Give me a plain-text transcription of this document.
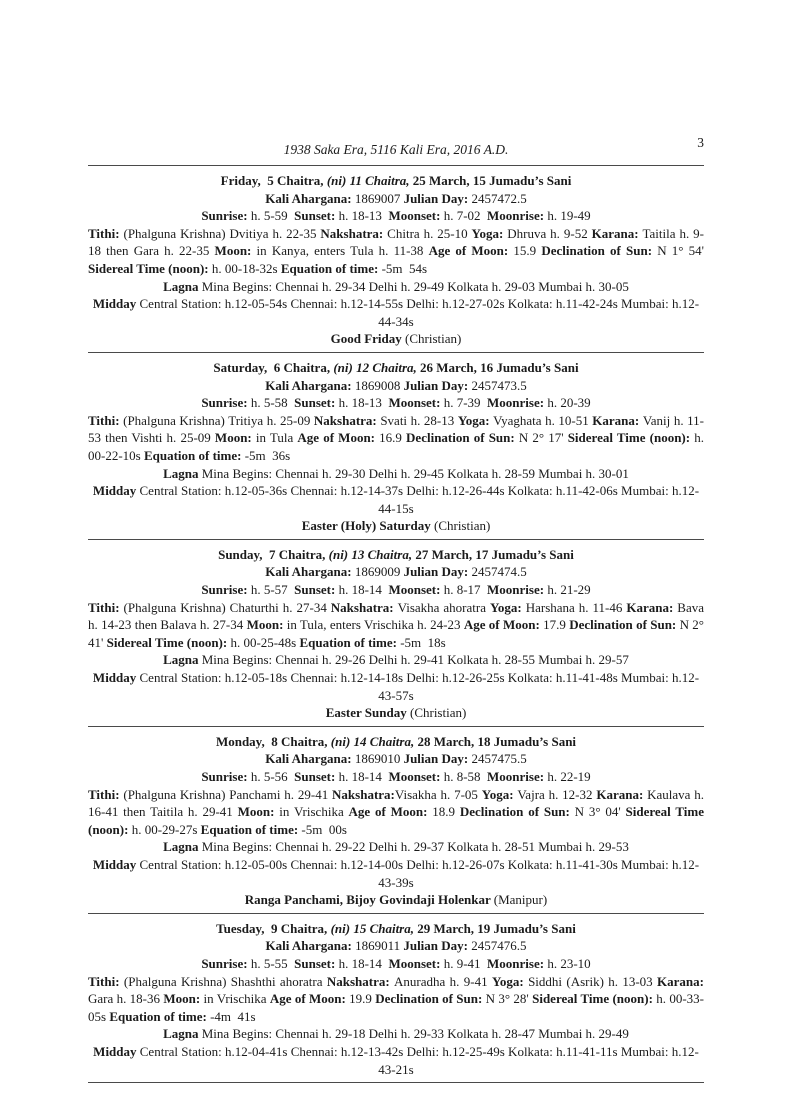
1938 Saka Era, 5116 Kali Era, 2016 A.D.	3
Friday,  5 Chaitra, (ni) 11 Chaitra, 25 March, 15 Jumadu’s Sani
Kali Ahargana: 1869007 Julian Day: 2457472.5
Sunrise: h. 5-59  Sunset: h. 18-13  Moonset: h. 7-02  Moonrise: h. 19-49
Tithi: (Phalguna Krishna) Dvitiya h. 22-35 Nakshatra: Chitra h. 25-10 Yoga: Dhruva h. 9-52 Karana: Taitila h. 9-18 then Gara h. 22-35 Moon: in Kanya, enters Tula h. 11-38 Age of Moon: 15.9 Declination of Sun: N 1° 54' Sidereal Time (noon): h. 00-18-32s Equation of time: -5m  54s
Lagna Mina Begins: Chennai h. 29-34 Delhi h. 29-49 Kolkata h. 29-03 Mumbai h. 30-05
Midday Central Station: h.12-05-54s Chennai: h.12-14-55s Delhi: h.12-27-02s Kolkata: h.11-42-24s Mumbai: h.12-44-34s
Good Friday (Christian)
Saturday,  6 Chaitra, (ni) 12 Chaitra, 26 March, 16 Jumadu’s Sani
Kali Ahargana: 1869008 Julian Day: 2457473.5
Sunrise: h. 5-58  Sunset: h. 18-13  Moonset: h. 7-39  Moonrise: h. 20-39
Tithi: (Phalguna Krishna) Tritiya h. 25-09 Nakshatra: Svati h. 28-13 Yoga: Vyaghata h. 10-51 Karana: Vanij h. 11-53 then Vishti h. 25-09 Moon: in Tula Age of Moon: 16.9 Declination of Sun: N 2° 17' Sidereal Time (noon): h. 00-22-10s Equation of time: -5m  36s
Lagna Mina Begins: Chennai h. 29-30 Delhi h. 29-45 Kolkata h. 28-59 Mumbai h. 30-01
Midday Central Station: h.12-05-36s Chennai: h.12-14-37s Delhi: h.12-26-44s Kolkata: h.11-42-06s Mumbai: h.12-44-15s
Easter (Holy) Saturday (Christian)
Sunday,  7 Chaitra, (ni) 13 Chaitra, 27 March, 17 Jumadu’s Sani
Kali Ahargana: 1869009 Julian Day: 2457474.5
Sunrise: h. 5-57  Sunset: h. 18-14  Moonset: h. 8-17  Moonrise: h. 21-29
Tithi: (Phalguna Krishna) Chaturthi h. 27-34 Nakshatra: Visakha ahoratra Yoga: Harshana h. 11-46 Karana: Bava h. 14-23 then Balava h. 27-34 Moon: in Tula, enters Vrischika h. 24-23 Age of Moon: 17.9 Declination of Sun: N 2° 41' Sidereal Time (noon): h. 00-25-48s Equation of time: -5m  18s
Lagna Mina Begins: Chennai h. 29-26 Delhi h. 29-41 Kolkata h. 28-55 Mumbai h. 29-57
Midday Central Station: h.12-05-18s Chennai: h.12-14-18s Delhi: h.12-26-25s Kolkata: h.11-41-48s Mumbai: h.12-43-57s
Easter Sunday (Christian)
Monday,  8 Chaitra, (ni) 14 Chaitra, 28 March, 18 Jumadu’s Sani
Kali Ahargana: 1869010 Julian Day: 2457475.5
Sunrise: h. 5-56  Sunset: h. 18-14  Moonset: h. 8-58  Moonrise: h. 22-19
Tithi: (Phalguna Krishna) Panchami h. 29-41 Nakshatra:Visakha h. 7-05 Yoga: Vajra h. 12-32 Karana: Kaulava h. 16-41 then Taitila h. 29-41 Moon: in Vrischika Age of Moon: 18.9 Declination of Sun: N 3° 04' Sidereal Time (noon): h. 00-29-27s Equation of time: -5m  00s
Lagna Mina Begins: Chennai h. 29-22 Delhi h. 29-37 Kolkata h. 28-51 Mumbai h. 29-53
Midday Central Station: h.12-05-00s Chennai: h.12-14-00s Delhi: h.12-26-07s Kolkata: h.11-41-30s Mumbai: h.12-43-39s
Ranga Panchami, Bijoy Govindaji Holenkar (Manipur)
Tuesday,  9 Chaitra, (ni) 15 Chaitra, 29 March, 19 Jumadu’s Sani
Kali Ahargana: 1869011 Julian Day: 2457476.5
Sunrise: h. 5-55  Sunset: h. 18-14  Moonset: h. 9-41  Moonrise: h. 23-10
Tithi: (Phalguna Krishna) Shashthi ahoratra Nakshatra: Anuradha h. 9-41 Yoga: Siddhi (Asrik) h. 13-03 Karana: Gara h. 18-36 Moon: in Vrischika Age of Moon: 19.9 Declination of Sun: N 3° 28' Sidereal Time (noon): h. 00-33-05s Equation of time: -4m  41s
Lagna Mina Begins: Chennai h. 29-18 Delhi h. 29-33 Kolkata h. 28-47 Mumbai h. 29-49
Midday Central Station: h.12-04-41s Chennai: h.12-13-42s Delhi: h.12-25-49s Kolkata: h.11-41-11s Mumbai: h.12-43-21s
